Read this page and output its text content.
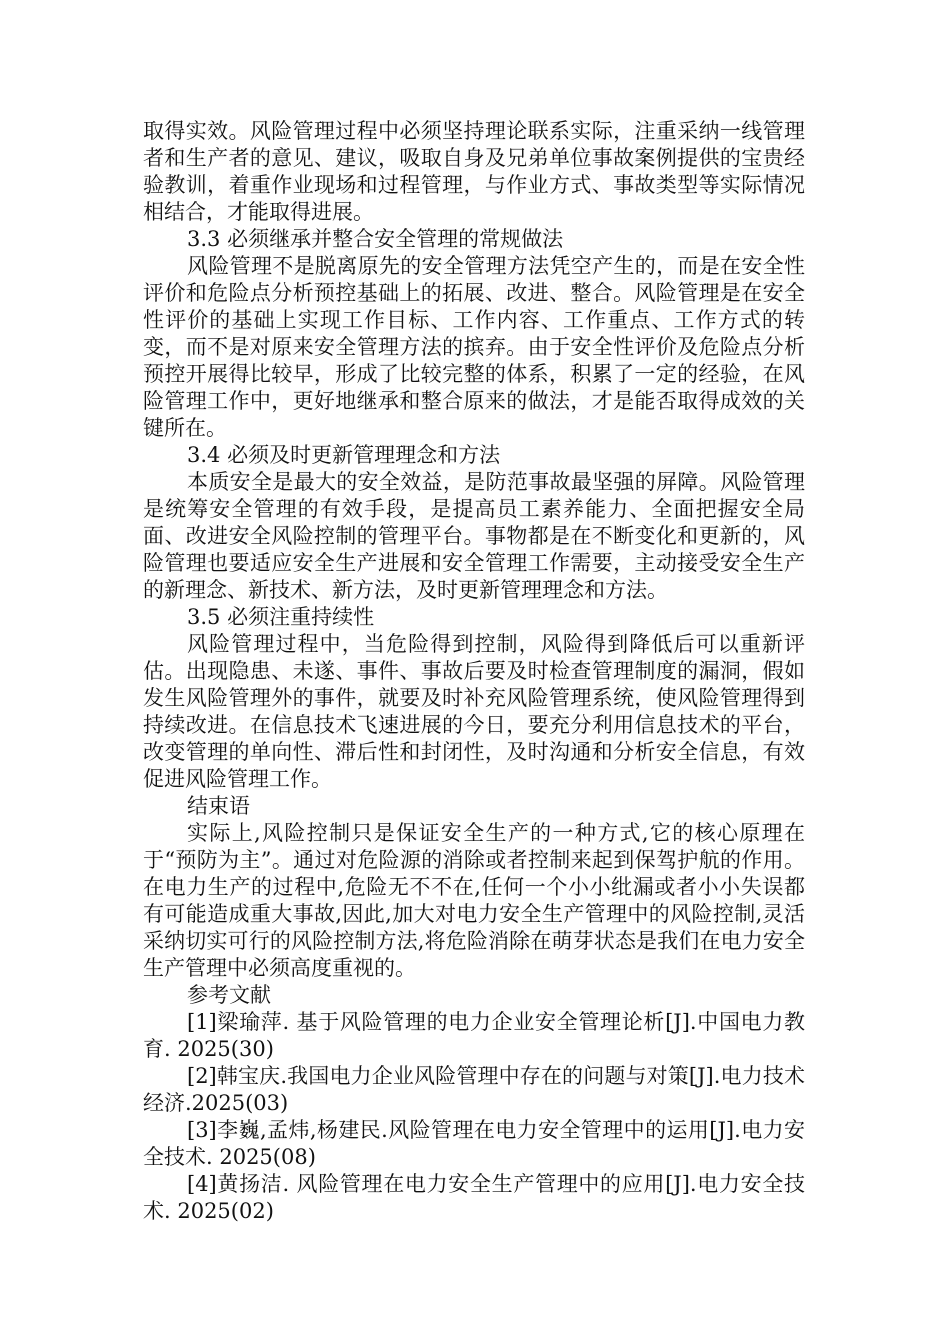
取得实效。风险管理过程中必须坚持理论联系实际，注重采纳一线管理者和生产者的意见、建议，吸取自身及兄弟单位事故案例提供的宝贵经验教训，着重作业现场和过程管理，与作业方式、事故类型等实际情况相结合，才能取得进展。

3.3 必须继承并整合安全管理的常规做法

风险管理不是脱离原先的安全管理方法凭空产生的，而是在安全性评价和危险点分析预控基础上的拓展、改进、整合。风险管理是在安全性评价的基础上实现工作目标、工作内容、工作重点、工作方式的转变，而不是对原来安全管理方法的摈弃。由于安全性评价及危险点分析预控开展得比较早，形成了比较完整的体系，积累了一定的经验，在风险管理工作中，更好地继承和整合原来的做法，才是能否取得成效的关键所在。

3.4 必须及时更新管理理念和方法

本质安全是最大的安全效益，是防范事故最坚强的屏障。风险管理是统筹安全管理的有效手段，是提高员工素养能力、全面把握安全局面、改进安全风险控制的管理平台。事物都是在不断变化和更新的，风险管理也要适应安全生产进展和安全管理工作需要，主动接受安全生产的新理念、新技术、新方法，及时更新管理理念和方法。

3.5 必须注重持续性

风险管理过程中，当危险得到控制，风险得到降低后可以重新评估。出现隐患、未遂、事件、事故后要及时检查管理制度的漏洞，假如发生风险管理外的事件，就要及时补充风险管理系统，使风险管理得到持续改进。在信息技术飞速进展的今日，要充分利用信息技术的平台，改变管理的单向性、滞后性和封闭性，及时沟通和分析安全信息，有效促进风险管理工作。

结束语

实际上,风险控制只是保证安全生产的一种方式,它的核心原理在于“预防为主”。通过对危险源的消除或者控制来起到保驾护航的作用。在电力生产的过程中,危险无不不在,任何一个小小纰漏或者小小失误都有可能造成重大事故,因此,加大对电力安全生产管理中的风险控制,灵活采纳切实可行的风险控制方法,将危险消除在萌芽状态是我们在电力安全生产管理中必须高度重视的。

参考文献

[1]梁瑜萍. 基于风险管理的电力企业安全管理论析[J].中国电力教育. 2025(30)

[2]韩宝庆.我国电力企业风险管理中存在的问题与对策[J].电力技术经济.2025(03)

[3]李巍,孟炜,杨建民.风险管理在电力安全管理中的运用[J].电力安全技术. 2025(08)

[4]黄扬洁. 风险管理在电力安全生产管理中的应用[J].电力安全技术. 2025(02)
